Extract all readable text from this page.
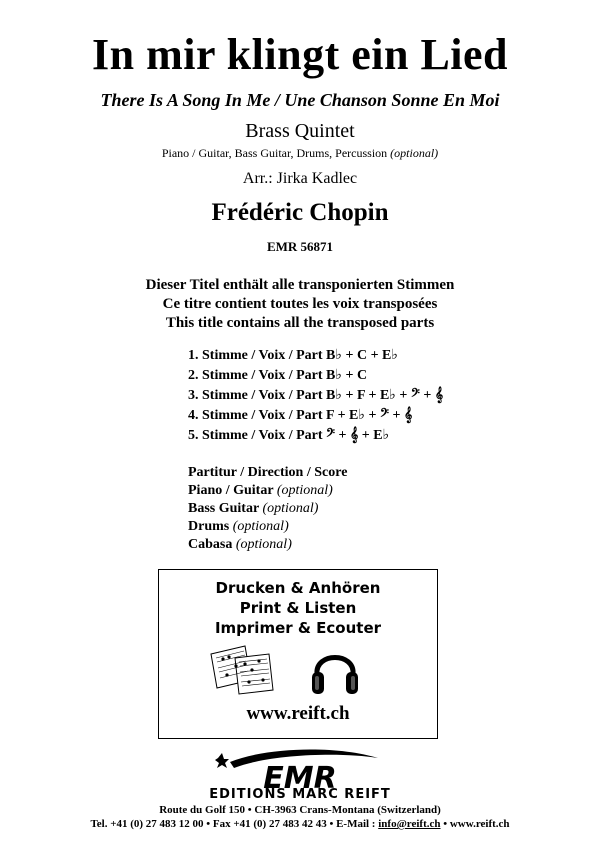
In mir klingt ein Lied
There Is A Song In Me / Une Chanson Sonne En Moi
Brass Quintet
Piano / Guitar, Bass Guitar, Drums, Percussion (optional)
Arr.: Jirka Kadlec
Frédéric Chopin
EMR 56871
Dieser Titel enthält alle transponierten Stimmen
Ce titre contient toutes les voix transposées
This title contains all the transposed parts
1. Stimme / Voix / Part B♭ + C + E♭
2. Stimme / Voix / Part B♭ + C
3. Stimme / Voix / Part B♭ + F + E♭ + 𝄢 + 𝄞
4. Stimme / Voix / Part F + E♭ + 𝄢 + 𝄞
5. Stimme / Voix / Part 𝄢 + 𝄞 + E♭
Partitur / Direction / Score
Piano / Guitar (optional)
Bass Guitar (optional)
Drums (optional)
Cabasa (optional)
Drucken & Anhören
Print & Listen
Imprimer & Ecouter
www.reift.ch
EMR
EDITIONS MARC REIFT
Route du Golf 150 • CH-3963 Crans-Montana (Switzerland)
Tel. +41 (0) 27 483 12 00 • Fax +41 (0) 27 483 42 43 • E-Mail : info@reift.ch • www.reift.ch
